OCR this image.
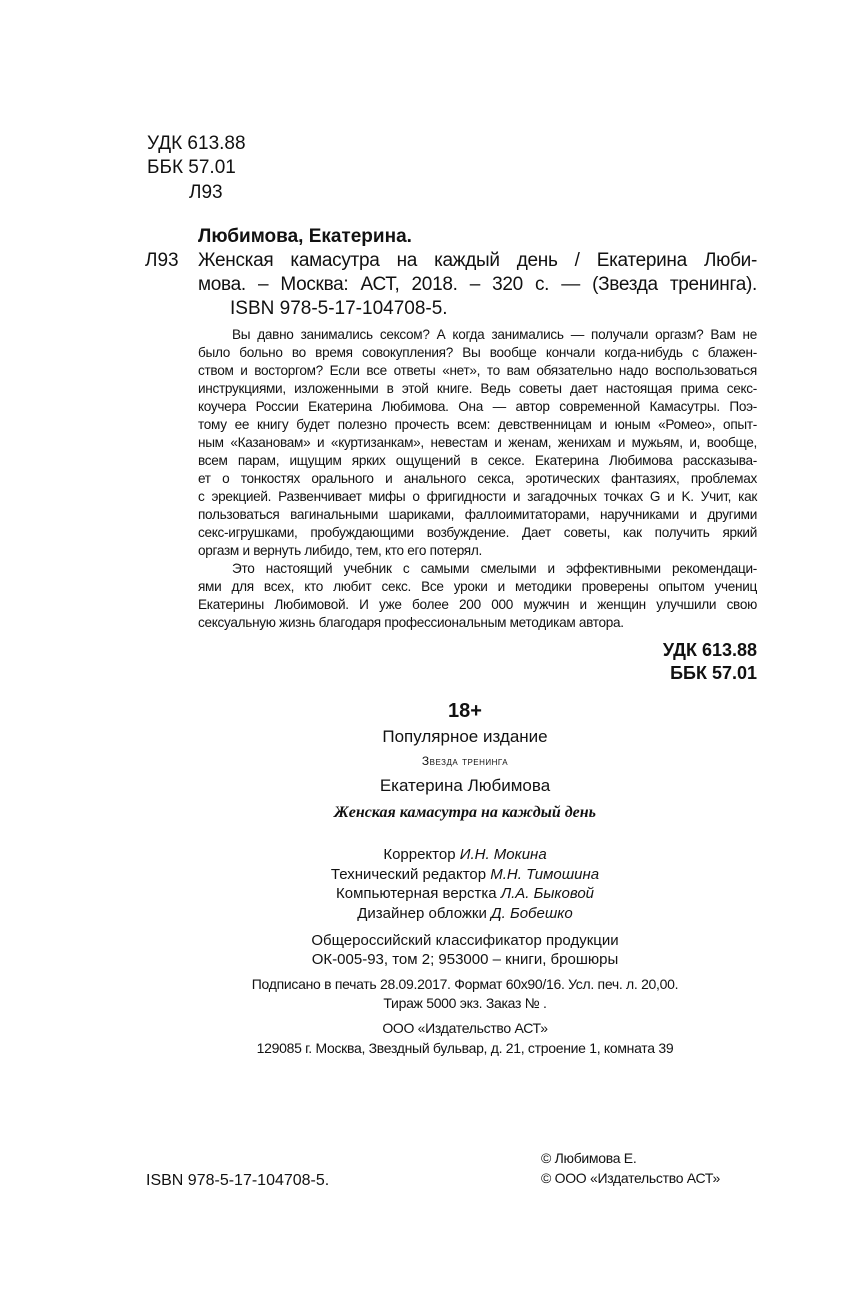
УДК 613.88
ББК 57.01
Л93
Любимова, Екатерина.
Л93 Женская камасутра на каждый день / Екатерина Люби-
мова. – Москва: АСТ, 2018. – 320 с. — (Звезда тренинга).
ISBN 978-5-17-104708-5.
Вы давно занимались сексом? А когда занимались — получали оргазм? Вам не
было больно во время совокупления? Вы вообще кончали когда-нибудь с блажен-
ством и восторгом? Если все ответы «нет», то вам обязательно надо воспользоваться
инструкциями, изложенными в этой книге. Ведь советы дает настоящая прима секс-
коучера России Екатерина Любимова. Она — автор современной Камасутры. Поэ-
тому ее книгу будет полезно прочесть всем: девственницам и юным «Ромео», опыт-
ным «Казановам» и «куртизанкам», невестам и женам, женихам и мужьям, и, вообще,
всем парам, ищущим ярких ощущений в сексе. Екатерина Любимова рассказыва-
ет о тонкостях орального и анального секса, эротических фантазиях, проблемах
с эрекцией. Развенчивает мифы о фригидности и загадочных точках G и K. Учит, как
пользоваться вагинальными шариками, фаллоимитаторами, наручниками и другими
секс-игрушками, пробуждающими возбуждение. Дает советы, как получить яркий
оргазм и вернуть либидо, тем, кто его потерял.
Это настоящий учебник с самыми смелыми и эффективными рекомендаци-
ями для всех, кто любит секс. Все уроки и методики проверены опытом учениц
Екатерины Любимовой. И уже более 200 000 мужчин и женщин улучшили свою
сексуальную жизнь благодаря профессиональным методикам автора.
УДК 613.88
ББК 57.01
18+
Популярное издание
Звезда тренинга
Екатерина Любимова
Женская камасутра на каждый день
Корректор И.Н. Мокина
Технический редактор М.Н. Тимошина
Компьютерная верстка Л.А. Быковой
Дизайнер обложки Д. Бобешко
Общероссийский классификатор продукции
ОК-005-93, том 2; 953000 – книги, брошюры
Подписано в печать 28.09.2017. Формат 60x90/16. Усл. печ. л. 20,00.
Тираж 5000 экз. Заказ № .
ООО «Издательство АСТ»
129085 г. Москва, Звездный бульвар, д. 21, строение 1, комната 39
ISBN 978-5-17-104708-5.
© Любимова Е.
© ООО «Издательство АСТ»
